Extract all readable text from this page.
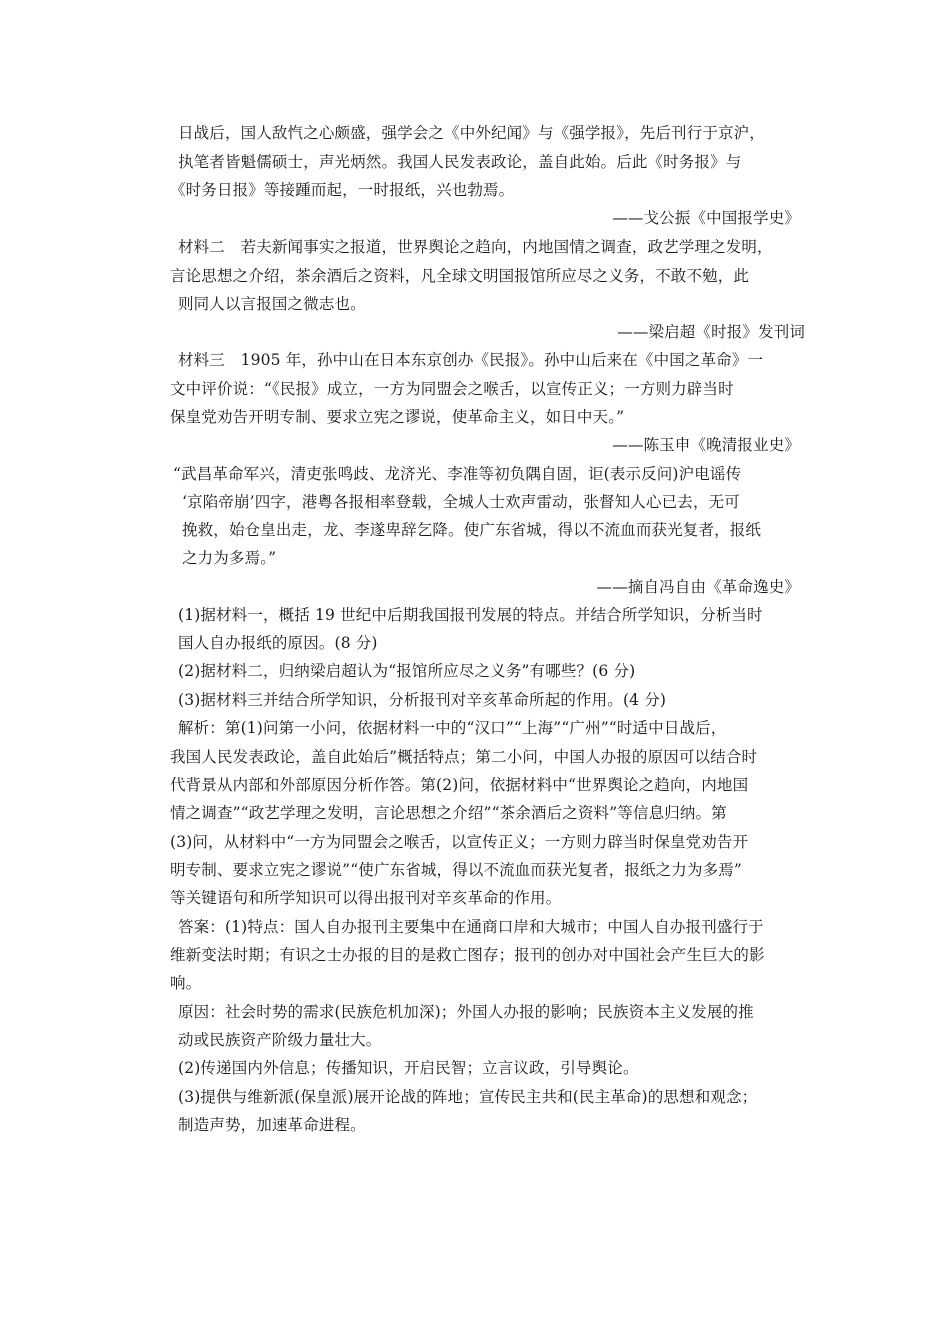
日战后，国人敌忾之心颇盛，强学会之《中外纪闻》与《强学报》，先后刊行于京沪，
执笔者皆魁儒硕士，声光炳然。我国人民发表政论，盖自此始。后此《时务报》与
《时务日报》等接踵而起，一时报纸，兴也勃焉。
——戈公振《中国报学史》
材料二　若夫新闻事实之报道，世界舆论之趋向，内地国情之调查，政艺学理之发明，
言论思想之介绍，茶余酒后之资料，凡全球文明国报馆所应尽之义务，不敢不勉，此
则同人以言报国之微志也。
——梁启超《时报》发刊词
材料三　1905 年，孙中山在日本东京创办《民报》。孙中山后来在《中国之革命》一
文中评价说：“《民报》成立，一方为同盟会之喉舌，以宣传正义；一方则力辟当时
保皇党劝告开明专制、要求立宪之谬说，使革命主义，如日中天。”
——陈玉申《晚清报业史》
“武昌革命军兴，清吏张鸣歧、龙济光、李准等初负隅自固，讵(表示反问)沪电谣传
‘京陷帝崩’四字，港粤各报相率登载，全城人士欢声雷动，张督知人心已去，无可
挽救，始仓皇出走，龙、李遂卑辞乞降。使广东省城，得以不流血而获光复者，报纸
之力为多焉。”
——摘自冯自由《革命逸史》
(1)据材料一，概括 19 世纪中后期我国报刊发展的特点。并结合所学知识，分析当时
国人自办报纸的原因。(8 分)
(2)据材料二，归纳梁启超认为“报馆所应尽之义务”有哪些？(6 分)
(3)据材料三并结合所学知识，分析报刊对辛亥革命所起的作用。(4 分)
解析：第(1)问第一小问，依据材料一中的“汉口”“上海”“广州”“时适中日战后，
我国人民发表政论，盖自此始后”概括特点；第二小问，中国人办报的原因可以结合时
代背景从内部和外部原因分析作答。第(2)问，依据材料中“世界舆论之趋向，内地国
情之调查”“政艺学理之发明，言论思想之介绍”“茶余酒后之资料”等信息归纳。第
(3)问，从材料中“一方为同盟会之喉舌，以宣传正义；一方则力辟当时保皇党劝告开
明专制、要求立宪之谬说”“使广东省城，得以不流血而获光复者，报纸之力为多焉”
等关键语句和所学知识可以得出报刊对辛亥革命的作用。
答案：(1)特点：国人自办报刊主要集中在通商口岸和大城市；中国人自办报刊盛行于
维新变法时期；有识之士办报的目的是救亡图存；报刊的创办对中国社会产生巨大的影
响。
原因：社会时势的需求(民族危机加深)；外国人办报的影响；民族资本主义发展的推
动或民族资产阶级力量壮大。
(2)传递国内外信息；传播知识，开启民智；立言议政，引导舆论。
(3)提供与维新派(保皇派)展开论战的阵地；宣传民主共和(民主革命)的思想和观念；
制造声势，加速革命进程。
